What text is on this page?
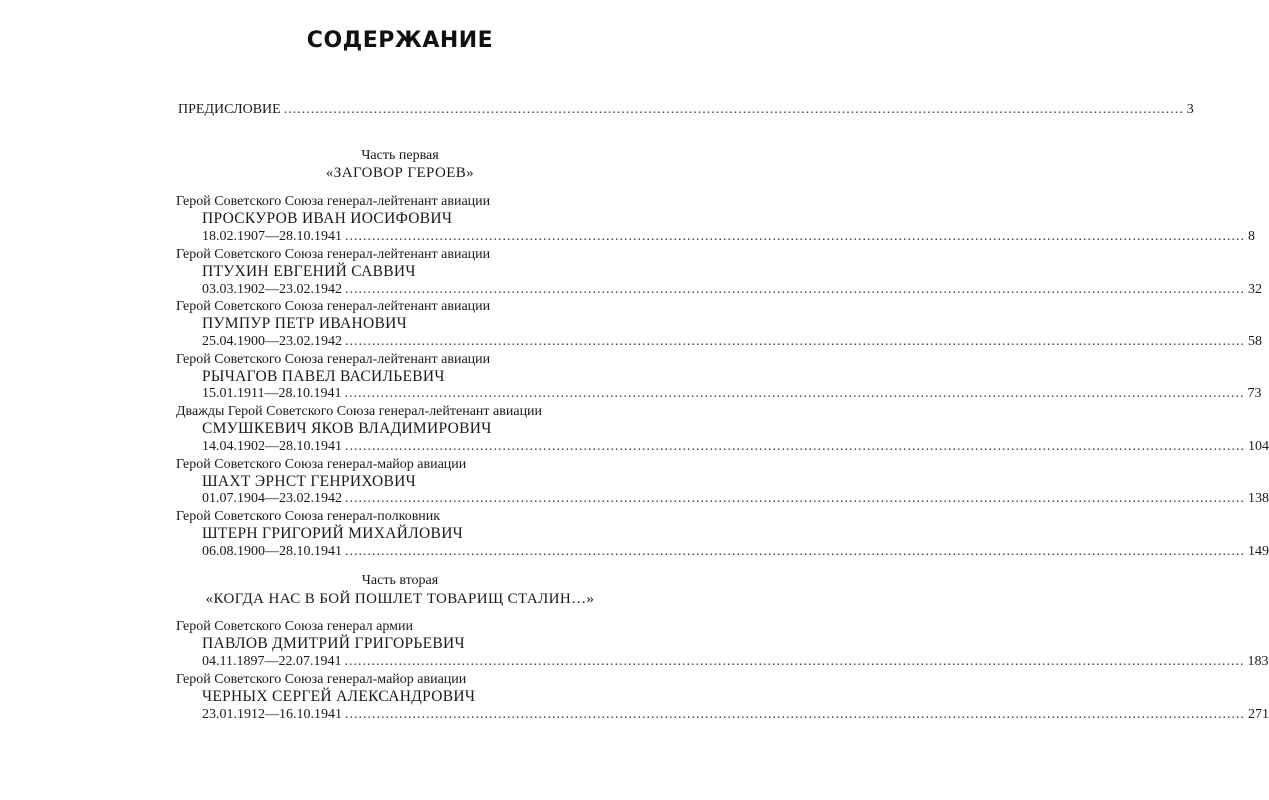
СОДЕРЖАНИЕ
ПРЕДИСЛОВИЕ ........................................................................................................................................................................................................ 3
Часть первая
«ЗАГОВОР ГЕРОЕВ»
Герой Советского Союза генерал-лейтенант авиации
ПРОСКУРОВ ИВАН ИОСИФОВИЧ
18.02.1907—28.10.1941 ........................................................................................................................................................................................................ 8
Герой Советского Союза генерал-лейтенант авиации
ПТУХИН ЕВГЕНИЙ САВВИЧ
03.03.1902—23.02.1942 ........................................................................................................................................................................................................ 32
Герой Советского Союза генерал-лейтенант авиации
ПУМПУР ПЕТР ИВАНОВИЧ
25.04.1900—23.02.1942 ........................................................................................................................................................................................................ 58
Герой Советского Союза генерал-лейтенант авиации
РЫЧАГОВ ПАВЕЛ ВАСИЛЬЕВИЧ
15.01.1911—28.10.1941 ........................................................................................................................................................................................................ 73
Дважды Герой Советского Союза генерал-лейтенант авиации
СМУШКЕВИЧ ЯКОВ ВЛАДИМИРОВИЧ
14.04.1902—28.10.1941 ........................................................................................................................................................................................................ 104
Герой Советского Союза генерал-майор авиации
ШАХТ ЭРНСТ ГЕНРИХОВИЧ
01.07.1904—23.02.1942 ........................................................................................................................................................................................................ 138
Герой Советского Союза генерал-полковник
ШТЕРН ГРИГОРИЙ МИХАЙЛОВИЧ
06.08.1900—28.10.1941 ........................................................................................................................................................................................................ 149
Часть вторая
«КОГДА НАС В БОЙ ПОШЛЕТ ТОВАРИЩ СТАЛИН…»
Герой Советского Союза генерал армии
ПАВЛОВ ДМИТРИЙ ГРИГОРЬЕВИЧ
04.11.1897—22.07.1941 ........................................................................................................................................................................................................ 183
Герой Советского Союза генерал-майор авиации
ЧЕРНЫХ СЕРГЕЙ АЛЕКСАНДРОВИЧ
23.01.1912—16.10.1941 ........................................................................................................................................................................................................ 271
